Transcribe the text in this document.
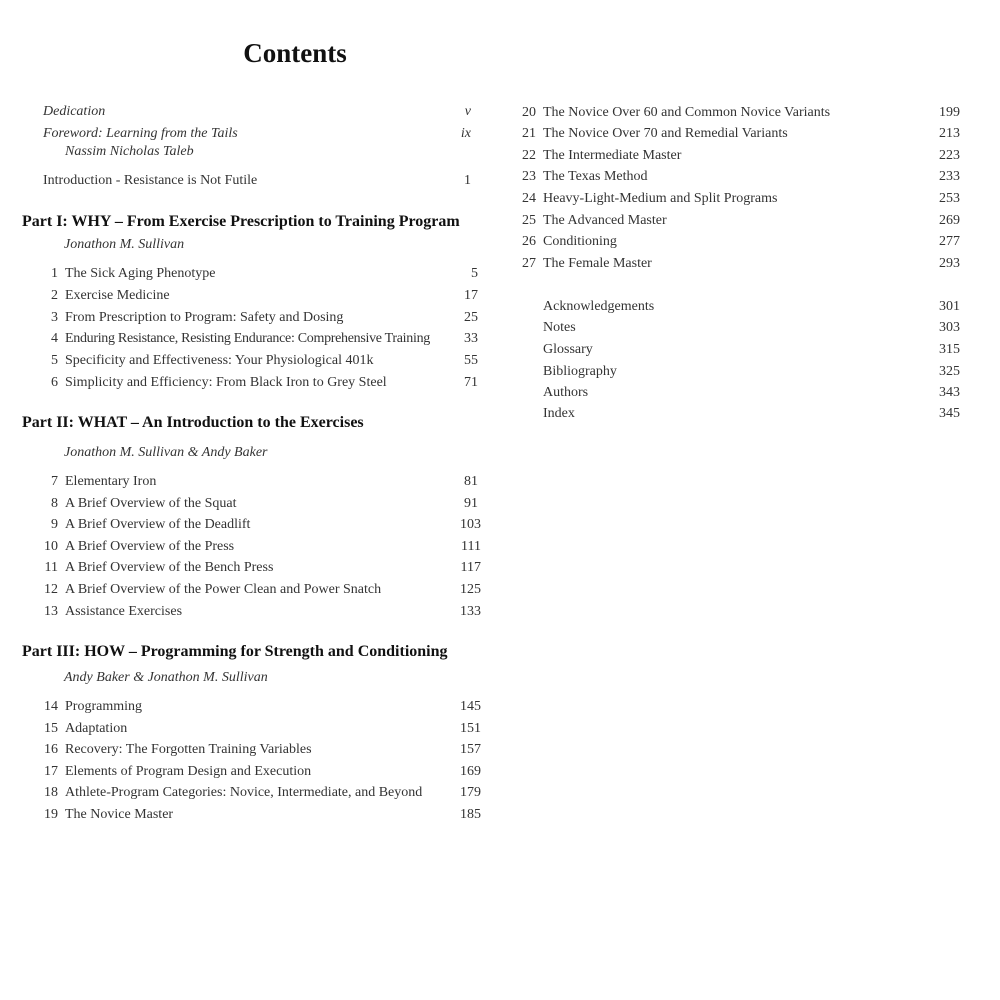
Contents
Dedication	v
Foreword: Learning from the Tails	ix
Nassim Nicholas Taleb
Introduction - Resistance is Not Futile	1
Part I: WHY – From Exercise Prescription to Training Program
Jonathon M. Sullivan
1 The Sick Aging Phenotype	5
2 Exercise Medicine	17
3 From Prescription to Program: Safety and Dosing	25
4 Enduring Resistance, Resisting Endurance: Comprehensive Training	33
5 Specificity and Effectiveness: Your Physiological 401k	55
6 Simplicity and Efficiency: From Black Iron to Grey Steel	71
Part II: WHAT – An Introduction to the Exercises
Jonathon M. Sullivan & Andy Baker
7 Elementary Iron	81
8 A Brief Overview of the Squat	91
9 A Brief Overview of the Deadlift	103
10 A Brief Overview of the Press	111
11 A Brief Overview of the Bench Press	117
12 A Brief Overview of the Power Clean and Power Snatch	125
13 Assistance Exercises	133
Part III: HOW – Programming for Strength and Conditioning
Andy Baker & Jonathon M. Sullivan
14 Programming	145
15 Adaptation	151
16 Recovery: The Forgotten Training Variables	157
17 Elements of Program Design and Execution	169
18 Athlete-Program Categories: Novice, Intermediate, and Beyond	179
19 The Novice Master	185
20 The Novice Over 60 and Common Novice Variants	199
21 The Novice Over 70 and Remedial Variants	213
22 The Intermediate Master	223
23 The Texas Method	233
24 Heavy-Light-Medium and Split Programs	253
25 The Advanced Master	269
26 Conditioning	277
27 The Female Master	293
Acknowledgements	301
Notes	303
Glossary	315
Bibliography	325
Authors	343
Index	345
